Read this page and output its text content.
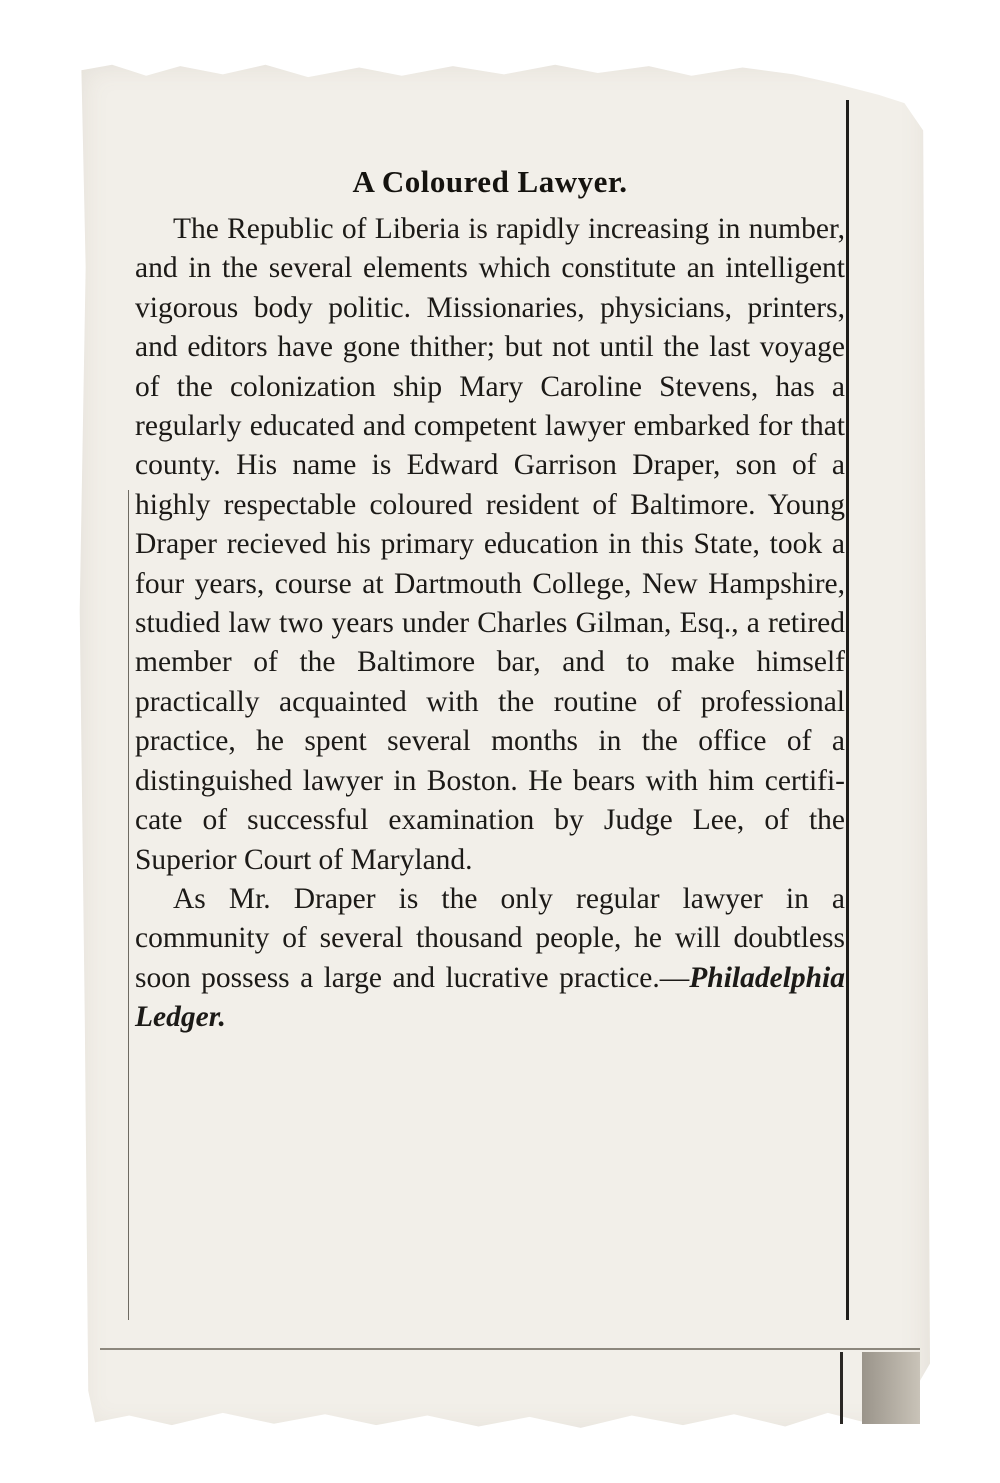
A Coloured Lawyer.

The Republic of Liberia is rapidly increasing in number, and in the several elements which constitute an intelligent vigorous body politic. Missionaries, physicians, printers, and editors have gone thither; but not until the last voyage of the colonization ship Mary Caroline Stevens, has a regularly educated and competent lawyer embarked for that county. His name is Edward Garrison Draper, son of a highly respectable coloured resident of Baltimore. Young Draper recieved his primary education in this State, took a four years, course at Dartmouth College, New Hampshire, studied law two years under Charles Gilman, Esq., a retired member of the Baltimore bar, and to make himself practically acquainted with the routine of professional practice, he spent several months in the office of a distinguished lawyer in Boston. He bears with him certificate of successful examination by Judge Lee, of the Superior Court of Maryland.

As Mr. Draper is the only regular lawyer in a community of several thousand people, he will doubtless soon possess a large and lucrative practice.—Philadelphia Ledger.
